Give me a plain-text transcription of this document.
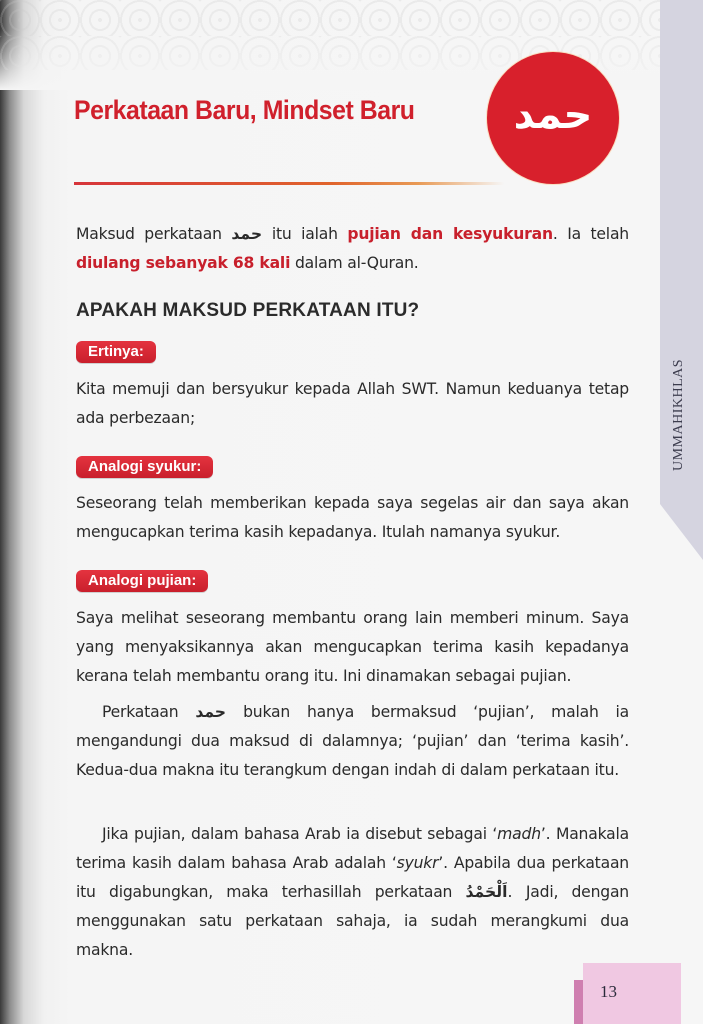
Perkataan Baru, Mindset Baru حمد
Maksud perkataan حمد itu ialah pujian dan kesyukuran. Ia telah diulang sebanyak 68 kali dalam al-Quran.
APAKAH MAKSUD PERKATAAN ITU?
Ertinya:
Kita memuji dan bersyukur kepada Allah SWT. Namun keduanya tetap ada perbezaan;
Analogi syukur:
Seseorang telah memberikan kepada saya segelas air dan saya akan mengucapkan terima kasih kepadanya. Itulah namanya syukur.
Analogi pujian:
Saya melihat seseorang membantu orang lain memberi minum. Saya yang menyaksikannya akan mengucapkan terima kasih kepadanya kerana telah membantu orang itu. Ini dinamakan sebagai pujian.
Perkataan حمد bukan hanya bermaksud ‘pujian’, malah ia mengandungi dua maksud di dalamnya; ‘pujian’ dan ‘terima kasih’. Kedua-dua makna itu terangkum dengan indah di dalam perkataan itu.
Jika pujian, dalam bahasa Arab ia disebut sebagai ‘madh’. Manakala terima kasih dalam bahasa Arab adalah ‘syukr’. Apabila dua perkataan itu digabungkan, maka terhasillah perkataan اَلْحَمْدُ. Jadi, dengan menggunakan satu perkataan sahaja, ia sudah merangkumi dua makna.
UMMAHIKHLAS
13
